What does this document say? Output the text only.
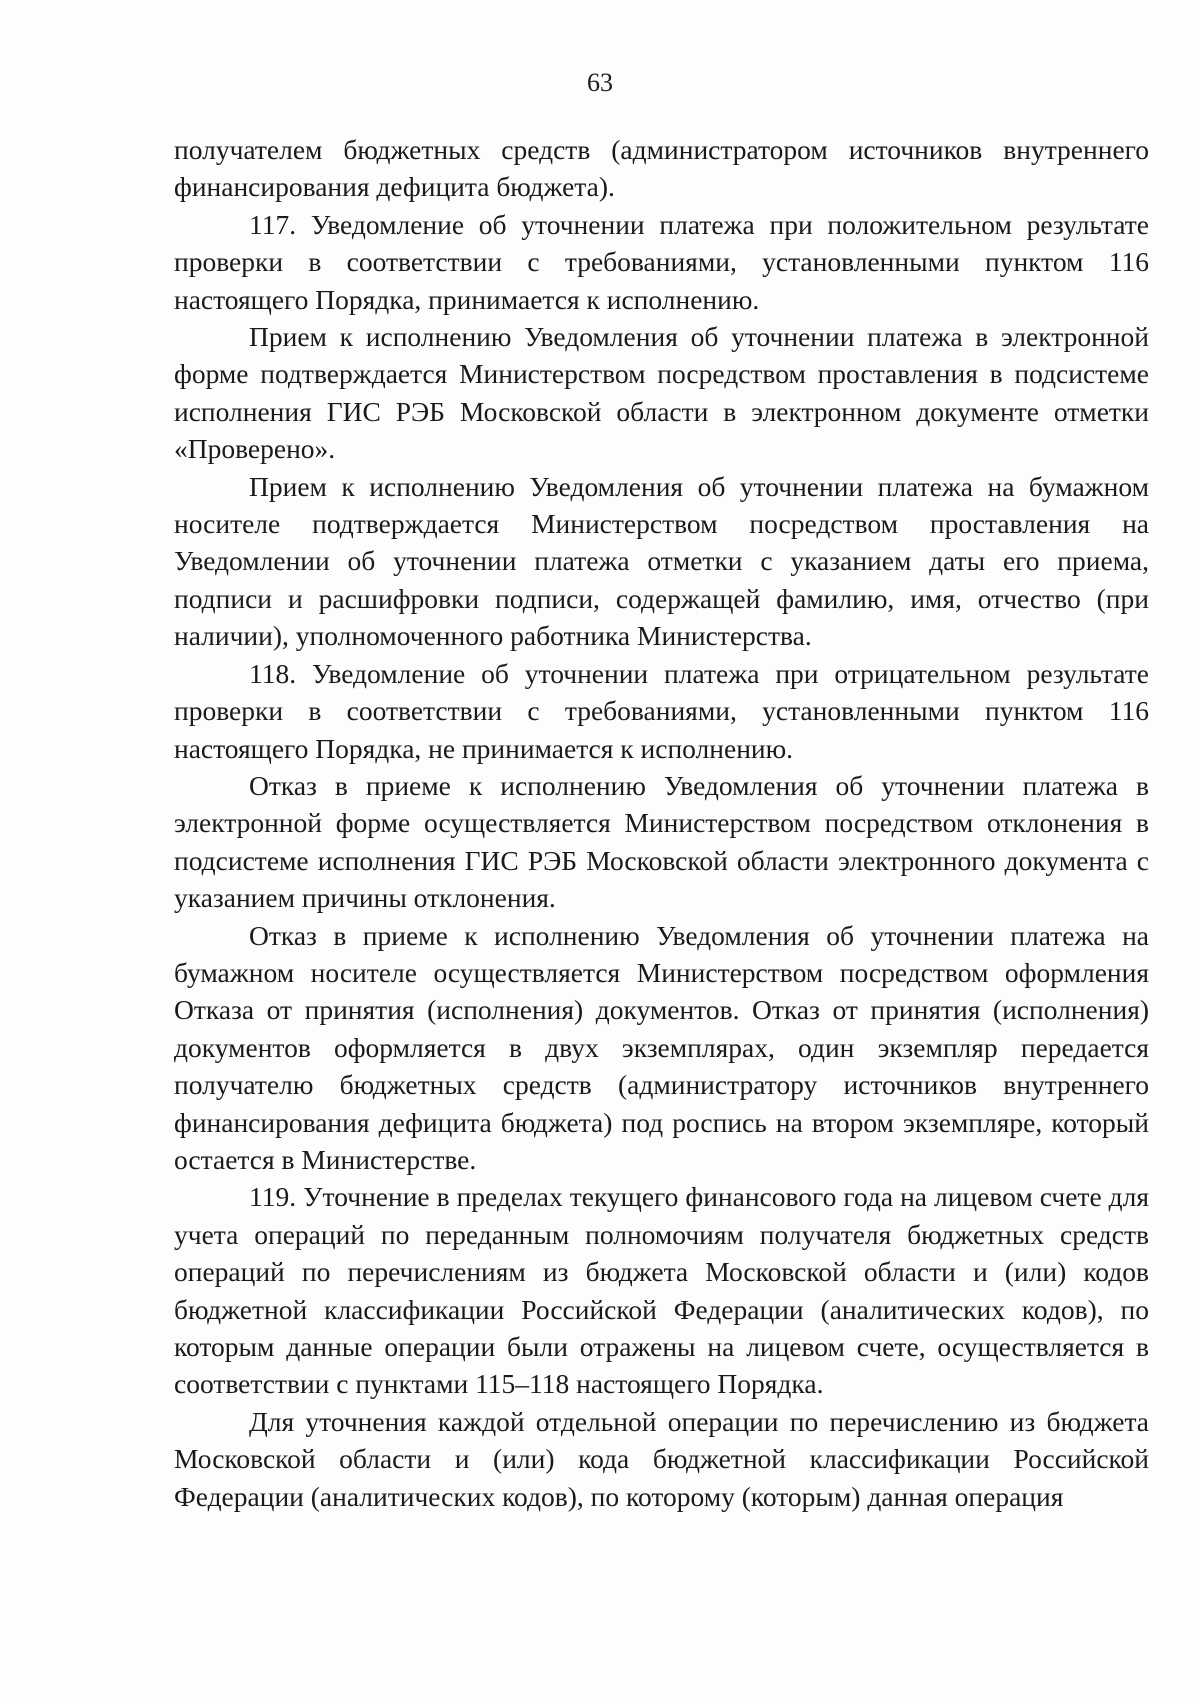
63

получателем бюджетных средств (администратором источников внутреннего финансирования дефицита бюджета).

117. Уведомление об уточнении платежа при положительном результате проверки в соответствии с требованиями, установленными пунктом 116 настоящего Порядка, принимается к исполнению.

Прием к исполнению Уведомления об уточнении платежа в электронной форме подтверждается Министерством посредством проставления в подсистеме исполнения ГИС РЭБ Московской области в электронном документе отметки «Проверено».

Прием к исполнению Уведомления об уточнении платежа на бумажном носителе подтверждается Министерством посредством проставления на Уведомлении об уточнении платежа отметки с указанием даты его приема, подписи и расшифровки подписи, содержащей фамилию, имя, отчество (при наличии), уполномоченного работника Министерства.

118. Уведомление об уточнении платежа при отрицательном результате проверки в соответствии с требованиями, установленными пунктом 116 настоящего Порядка, не принимается к исполнению.

Отказ в приеме к исполнению Уведомления об уточнении платежа в электронной форме осуществляется Министерством посредством отклонения в подсистеме исполнения ГИС РЭБ Московской области электронного документа с указанием причины отклонения.

Отказ в приеме к исполнению Уведомления об уточнении платежа на бумажном носителе осуществляется Министерством посредством оформления Отказа от принятия (исполнения) документов. Отказ от принятия (исполнения) документов оформляется в двух экземплярах, один экземпляр передается получателю бюджетных средств (администратору источников внутреннего финансирования дефицита бюджета) под роспись на втором экземпляре, который остается в Министерстве.

119. Уточнение в пределах текущего финансового года на лицевом счете для учета операций по переданным полномочиям получателя бюджетных средств операций по перечислениям из бюджета Московской области и (или) кодов бюджетной классификации Российской Федерации (аналитических кодов), по которым данные операции были отражены на лицевом счете, осуществляется в соответствии с пунктами 115–118 настоящего Порядка.

Для уточнения каждой отдельной операции по перечислению из бюджета Московской области и (или) кода бюджетной классификации Российской Федерации (аналитических кодов), по которому (которым) данная операция
